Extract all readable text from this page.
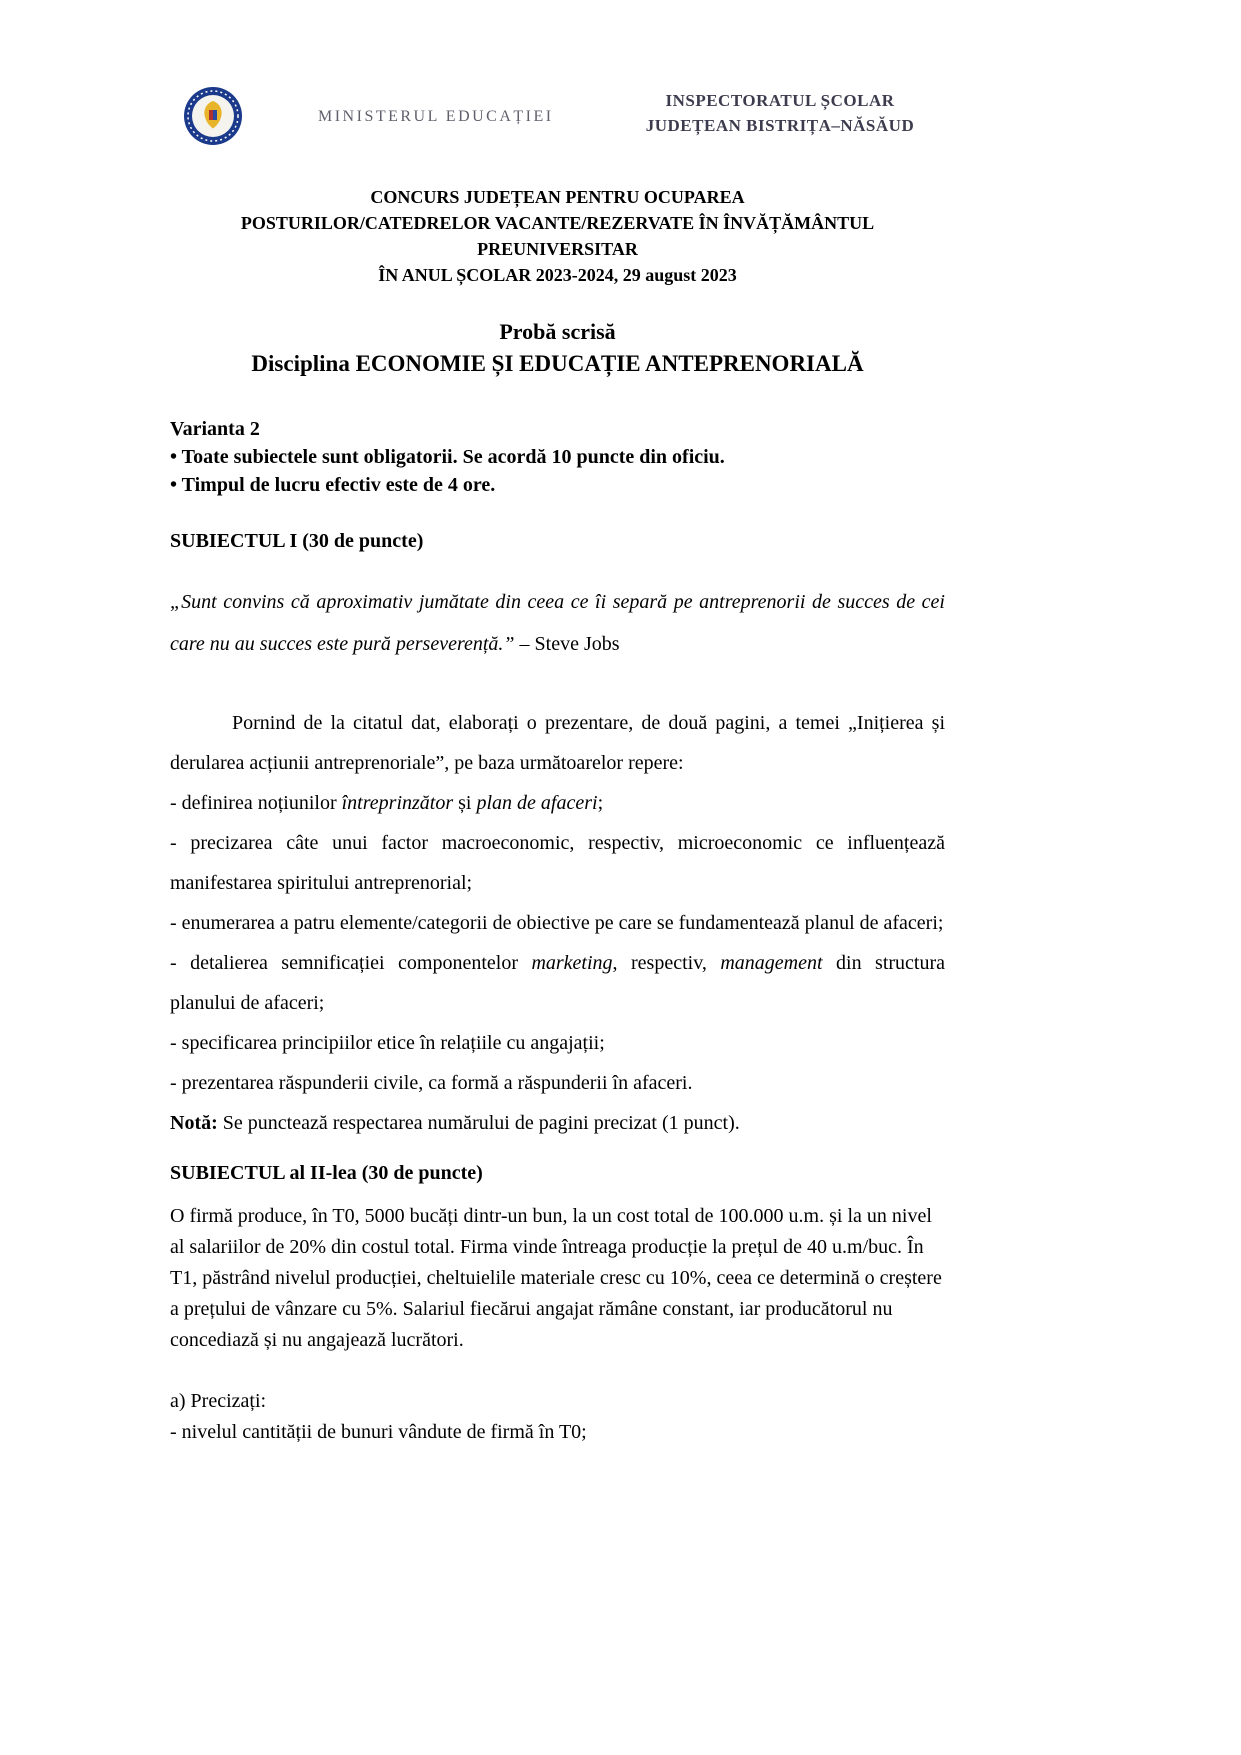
MINISTERUL EDUCAȚIEI
INSPECTORATUL ȘCOLAR
JUDEȚEAN BISTRIȚA–NĂSĂUD
CONCURS JUDEȚEAN PENTRU OCUPAREA
POSTURILOR/CATEDRELOR VACANTE/REZERVATE ÎN ÎNVĂȚĂMÂNTUL
PREUNIVERSITAR
ÎN ANUL ȘCOLAR 2023-2024, 29 august 2023
Probă scrisă
Disciplina ECONOMIE ȘI EDUCAȚIE ANTEPRENORIALĂ
Varianta 2
• Toate subiectele sunt obligatorii. Se acordă 10 puncte din oficiu.
• Timpul de lucru efectiv este de 4 ore.
SUBIECTUL I (30 de puncte)

„Sunt convins că aproximativ jumătate din ceea ce îi separă pe antreprenorii de succes de cei care nu au succes este pură perseverență.” – Steve Jobs

Pornind de la citatul dat, elaborați o prezentare, de două pagini, a temei „Inițierea și derularea acțiunii antreprenoriale”, pe baza următoarelor repere:

- definirea noțiunilor întreprinzător și plan de afaceri;

- precizarea câte unui factor macroeconomic, respectiv, microeconomic ce influențează manifestarea spiritului antreprenorial;

- enumerarea a patru elemente/categorii de obiective pe care se fundamentează planul de afaceri;

- detalierea semnificației componentelor marketing, respectiv, management din structura planului de afaceri;

- specificarea principiilor etice în relațiile cu angajații;

- prezentarea răspunderii civile, ca formă a răspunderii în afaceri.

Notă: Se punctează respectarea numărului de pagini precizat (1 punct).

SUBIECTUL al II-lea (30 de puncte)

O firmă produce, în T0, 5000 bucăți dintr-un bun, la un cost total de 100.000 u.m. și la un nivel al salariilor de 20% din costul total. Firma vinde întreaga producție la prețul de 40 u.m/buc. În T1, păstrând nivelul producției, cheltuielile materiale cresc cu 10%, ceea ce determină o creștere a prețului de vânzare cu 5%. Salariul fiecărui angajat rămâne constant, iar producătorul nu concediază și nu angajează lucrători.

a) Precizați:

- nivelul cantității de bunuri vândute de firmă în T0;
